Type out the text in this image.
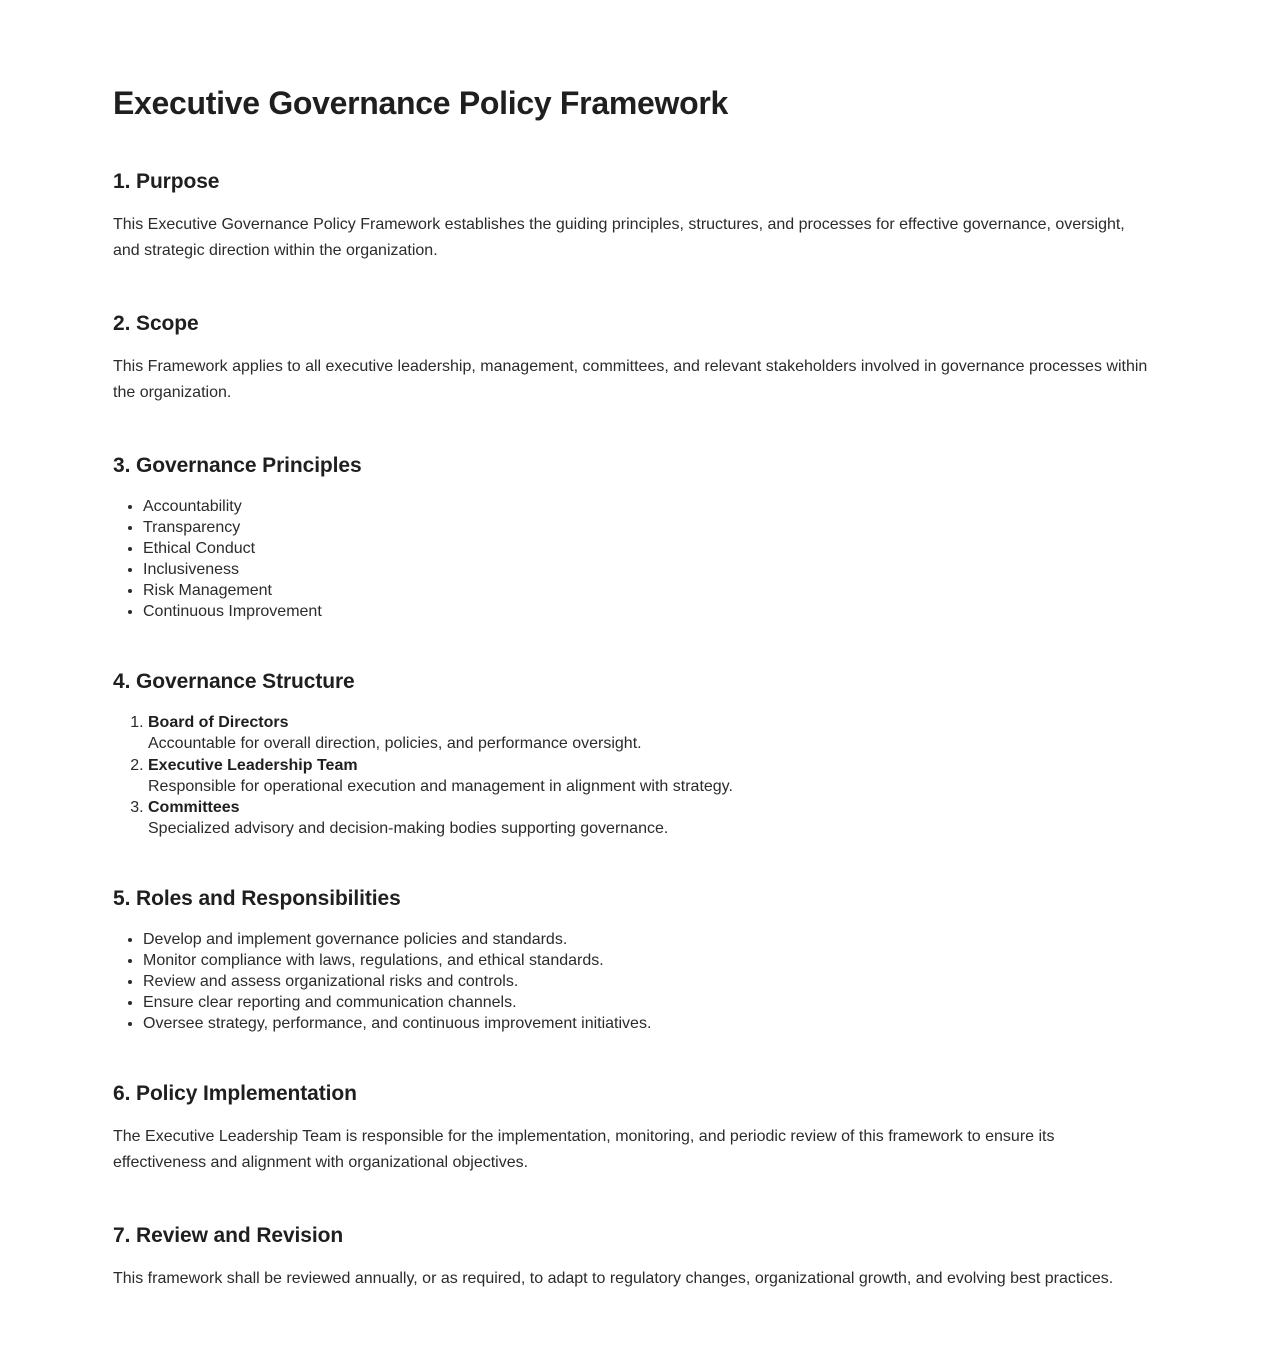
Executive Governance Policy Framework
1. Purpose

This Executive Governance Policy Framework establishes the guiding principles, structures, and processes for effective governance, oversight, and strategic direction within the organization.

2. Scope

This Framework applies to all executive leadership, management, committees, and relevant stakeholders involved in governance processes within the organization.

3. Governance Principles
• Accountability
• Transparency
• Ethical Conduct
• Inclusiveness
• Risk Management
• Continuous Improvement
4. Governance Structure
1. Board of Directors
Accountable for overall direction, policies, and performance oversight.
2. Executive Leadership Team
Responsible for operational execution and management in alignment with strategy.
3. Committees
Specialized advisory and decision-making bodies supporting governance.
5. Roles and Responsibilities
• Develop and implement governance policies and standards.
• Monitor compliance with laws, regulations, and ethical standards.
• Review and assess organizational risks and controls.
• Ensure clear reporting and communication channels.
• Oversee strategy, performance, and continuous improvement initiatives.
6. Policy Implementation

The Executive Leadership Team is responsible for the implementation, monitoring, and periodic review of this framework to ensure its effectiveness and alignment with organizational objectives.

7. Review and Revision

This framework shall be reviewed annually, or as required, to adapt to regulatory changes, organizational growth, and evolving best practices.
